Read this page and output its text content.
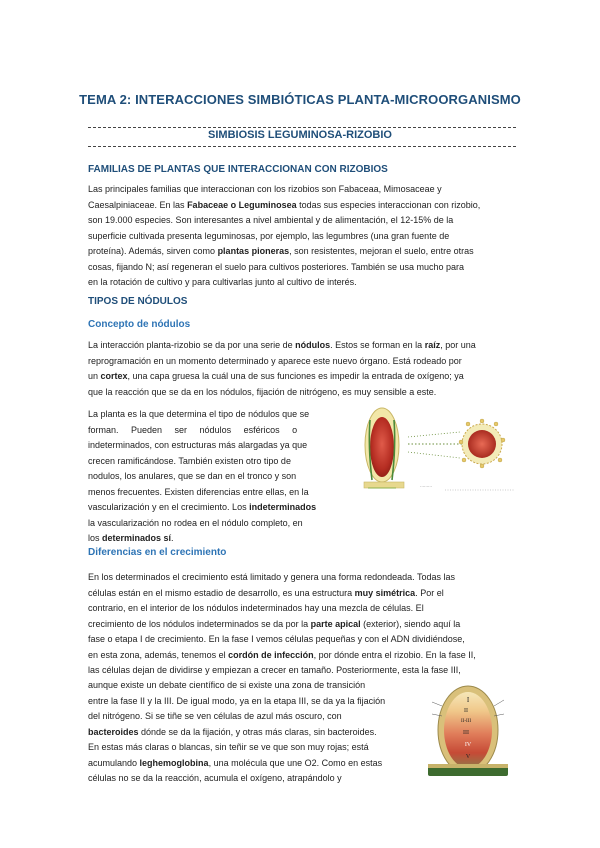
TEMA 2: INTERACCIONES SIMBIÓTICAS PLANTA-MICROORGANISMO
SIMBIOSIS LEGUMINOSA-RIZOBIO
FAMILIAS DE PLANTAS QUE INTERACCIONAN CON RIZOBIOS
Las principales familias que interaccionan con los rizobios son Fabaceaa, Mimosaceae y
Caesalpiniaceae. En las Fabaceae o Leguminosea todas sus especies interaccionan con rizobio,
son 19.000 especies. Son interesantes a nivel ambiental y de alimentación, el 12-15% de la
superficie cultivada presenta leguminosas, por ejemplo, las legumbres (una gran fuente de
proteína). Además, sirven como plantas pioneras, son resistentes, mejoran el suelo, entre otras
cosas, fijando N; así regeneran el suelo para cultivos posteriores. También se usa mucho para
en la rotación de cultivo y para cultivarlas junto al cultivo de interés.
TIPOS DE NÓDULOS
Concepto de nódulos
La interacción planta-rizobio se da por una serie de nódulos. Estos se forman en la raíz, por una
reprogramación en un momento determinado y aparece este nuevo órgano. Está rodeado por
un cortex, una capa gruesa la cuál una de sus funciones es impedir la entrada de oxígeno; ya
que la reacción que se da en los nódulos, fijación de nitrógeno, es muy sensible a este.
La planta es la que determina el tipo de nódulos que se
forman.     Pueden     ser     nódulos     esféricos     o
indeterminados, con estructuras más alargadas ya que
crecen ramificándose. También existen otro tipo de
nodulos, los anulares, que se dan en el tronco y son
menos frecuentes. Existen diferencias entre ellas, en la
vascularización y en el crecimiento. Los indeterminados
la vascularización no rodea en el nódulo completo, en
los determinados sí.
·········
Diferencias en el crecimiento
En los determinados el crecimiento está limitado y genera una forma redondeada. Todas las
células están en el mismo estadio de desarrollo, es una estructura muy simétrica. Por el
contrario, en el interior de los nódulos indeterminados hay una mezcla de células. El
crecimiento de los nódulos indeterminados se da por la parte apical (exterior), siendo aquí la
fase o etapa I de crecimiento. En la fase I vemos células pequeñas y con el ADN dividiéndose,
en esta zona, además, tenemos el cordón de infección, por dónde entra el rizobio. En la fase II,
las células dejan de dividirse y empiezan a crecer en tamaño. Posteriormente, esta la fase III,
aunque existe un debate científico de si existe una zona de transición
entre la fase II y la III. De igual modo, ya en la etapa III, se da ya la fijación
del nitrógeno. Si se tiñe se ven células de azul más oscuro, con
bacteroides dónde se da la fijación, y otras más claras, sin bacteroides.
En estas más claras o blancas, sin teñir se ve que son muy rojas; está
acumulando leghemoglobina, una molécula que une O2. Como en estas
células no se da la reacción, acumula el oxígeno, atrapándolo y
I
II
II-III
III
IV
V
